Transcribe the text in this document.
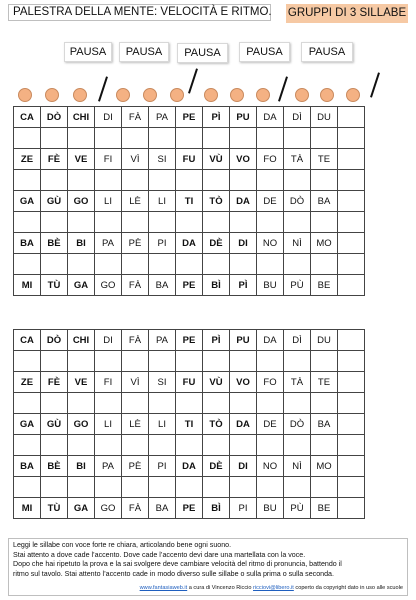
PALESTRA DELLA MENTE: VELOCITÀ E RITMO. GRUPPI DI 3 SILLABE
PAUSA	PAUSA	PAUSA	PAUSA	PAUSA
CA	DÒ	CHI	DI	FÀ	PA	PE	PÌ	PU	DA	DÌ	DU	

ZE	FÈ	VE	FI	VÌ	SI	FU	VÙ	VO	FO	TÀ	TE	

GA	GÙ	GO	LI	LÈ	LI	TI	TÒ	DA	DE	DÒ	BA	

BA	BÈ	BI	PA	PÈ	PI	DA	DÈ	DI	NO	NÌ	MO	

MI	TÙ	GA	GO	FÀ	BA	PE	BÌ	PÌ	BU	PÙ	BE	
CA	DÒ	CHI	DI	FÀ	PA	PE	PÌ	PU	DA	DÌ	DU	

ZE	FÈ	VE	FI	VÌ	SI	FU	VÙ	VO	FO	TÀ	TE	

GA	GÙ	GO	LI	LÈ	LI	TI	TÒ	DA	DE	DÒ	BA	

BA	BÈ	BI	PA	PÈ	PI	DA	DÈ	DI	NO	NÌ	MO	

MI	TÙ	GA	GO	FÀ	BA	PE	BÌ	PI	BU	PÙ	BE	
Leggi le sillabe con voce forte re chiara, articolando bene ogni suono.
Stai attento a dove cade l’accento. Dove cade l’accento devi dare una martellata con la voce.
Dopo che hai ripetuto la prova e la sai svolgere deve cambiare velocità del ritmo di pronuncia, battendo il
ritmo sul tavolo. Stai attento l’accento cade in modo diverso sulle sillabe o sulla prima o sulla seconda.
www.fantasiaweb.it a cura di Vincenzo Riccio ricciovi@libero.it coperto da copyright dato in uso alle scuole
